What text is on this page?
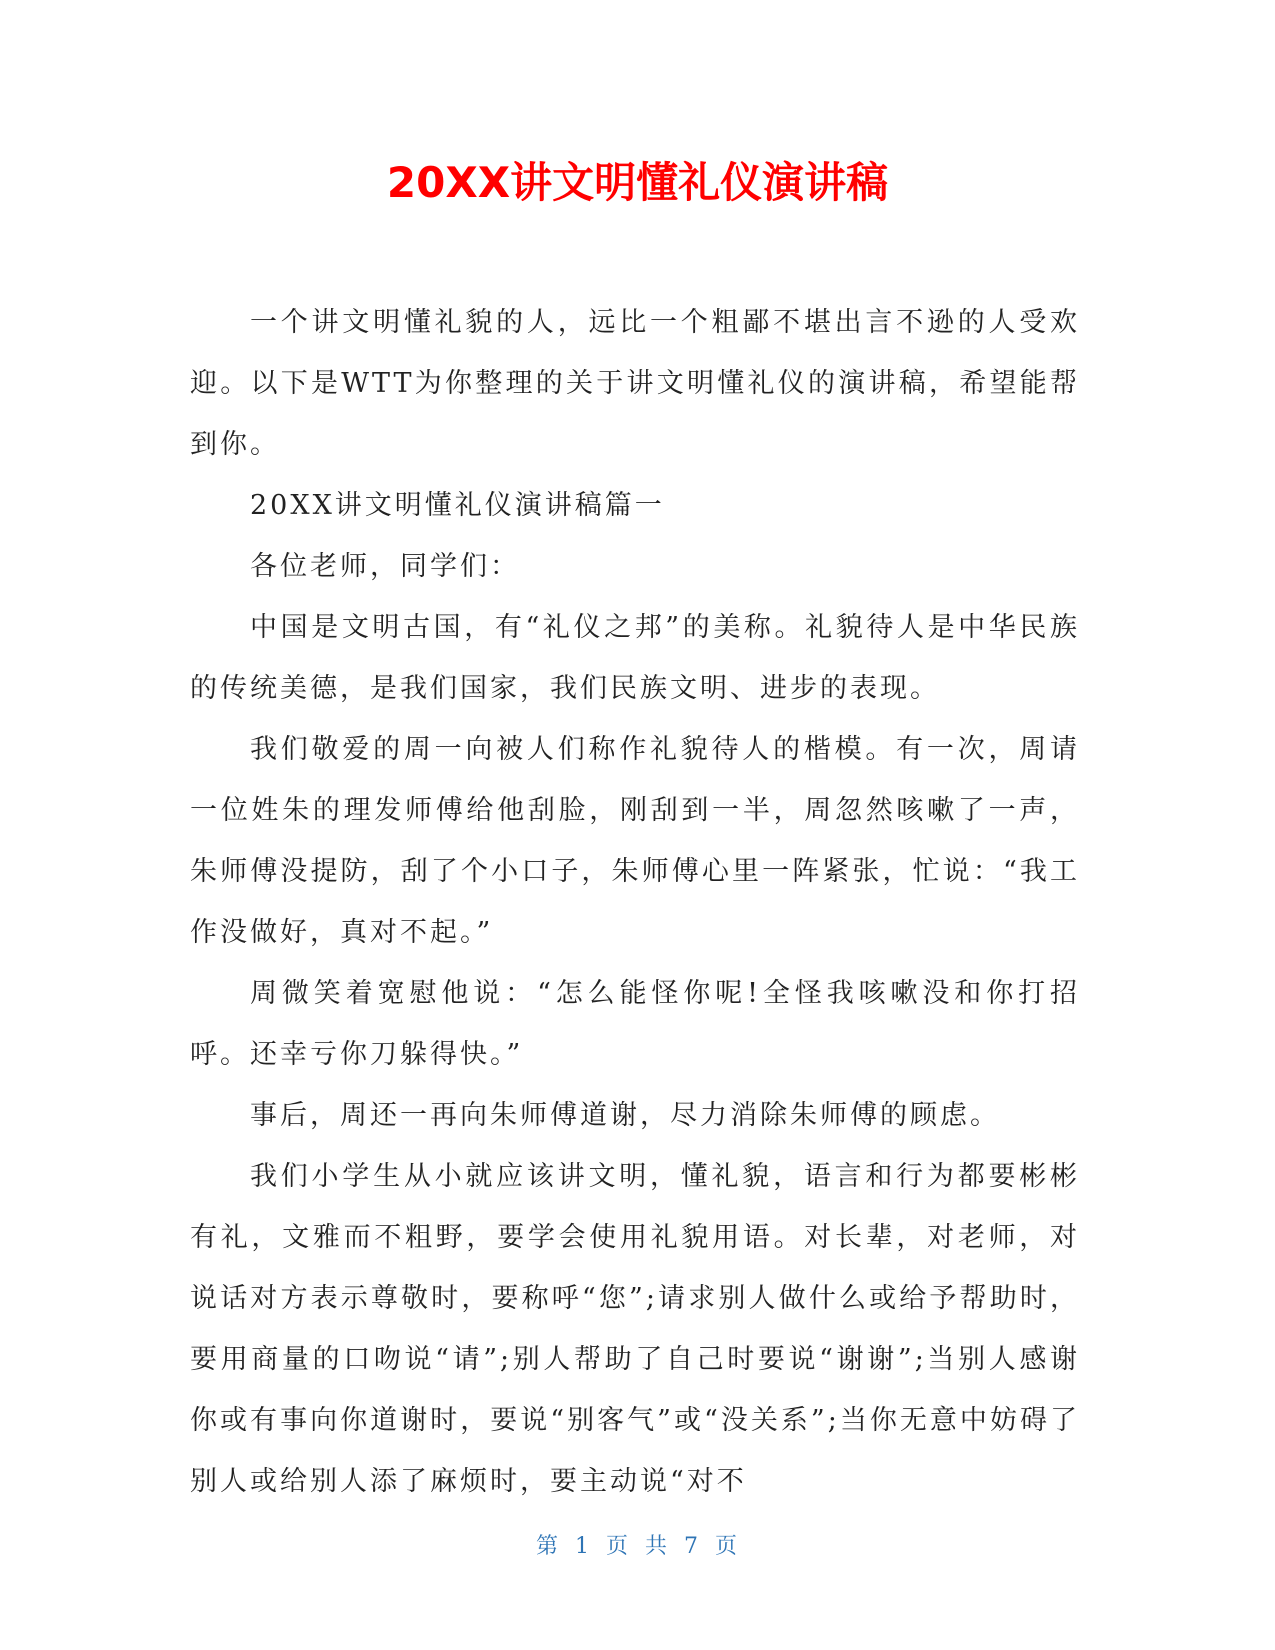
20XX讲文明懂礼仪演讲稿

一个讲文明懂礼貌的人，远比一个粗鄙不堪出言不逊的人受欢迎。以下是WTT为你整理的关于讲文明懂礼仪的演讲稿，希望能帮到你。

20XX讲文明懂礼仪演讲稿篇一

各位老师，同学们：

中国是文明古国，有“礼仪之邦”的美称。礼貌待人是中华民族的传统美德，是我们国家，我们民族文明、进步的表现。

我们敬爱的周一向被人们称作礼貌待人的楷模。有一次，周请一位姓朱的理发师傅给他刮脸，刚刮到一半，周忽然咳嗽了一声，朱师傅没提防，刮了个小口子，朱师傅心里一阵紧张，忙说：“我工作没做好，真对不起。”

周微笑着宽慰他说：“怎么能怪你呢!全怪我咳嗽没和你打招呼。还幸亏你刀躲得快。”

事后，周还一再向朱师傅道谢，尽力消除朱师傅的顾虑。

我们小学生从小就应该讲文明，懂礼貌，语言和行为都要彬彬有礼，文雅而不粗野，要学会使用礼貌用语。对长辈，对老师，对说话对方表示尊敬时，要称呼“您”;请求别人做什么或给予帮助时，要用商量的口吻说“请”;别人帮助了自己时要说“谢谢”;当别人感谢你或有事向你道谢时，要说“别客气”或“没关系”;当你无意中妨碍了别人或给别人添了麻烦时，要主动说“对不

第 1 页 共 7 页
